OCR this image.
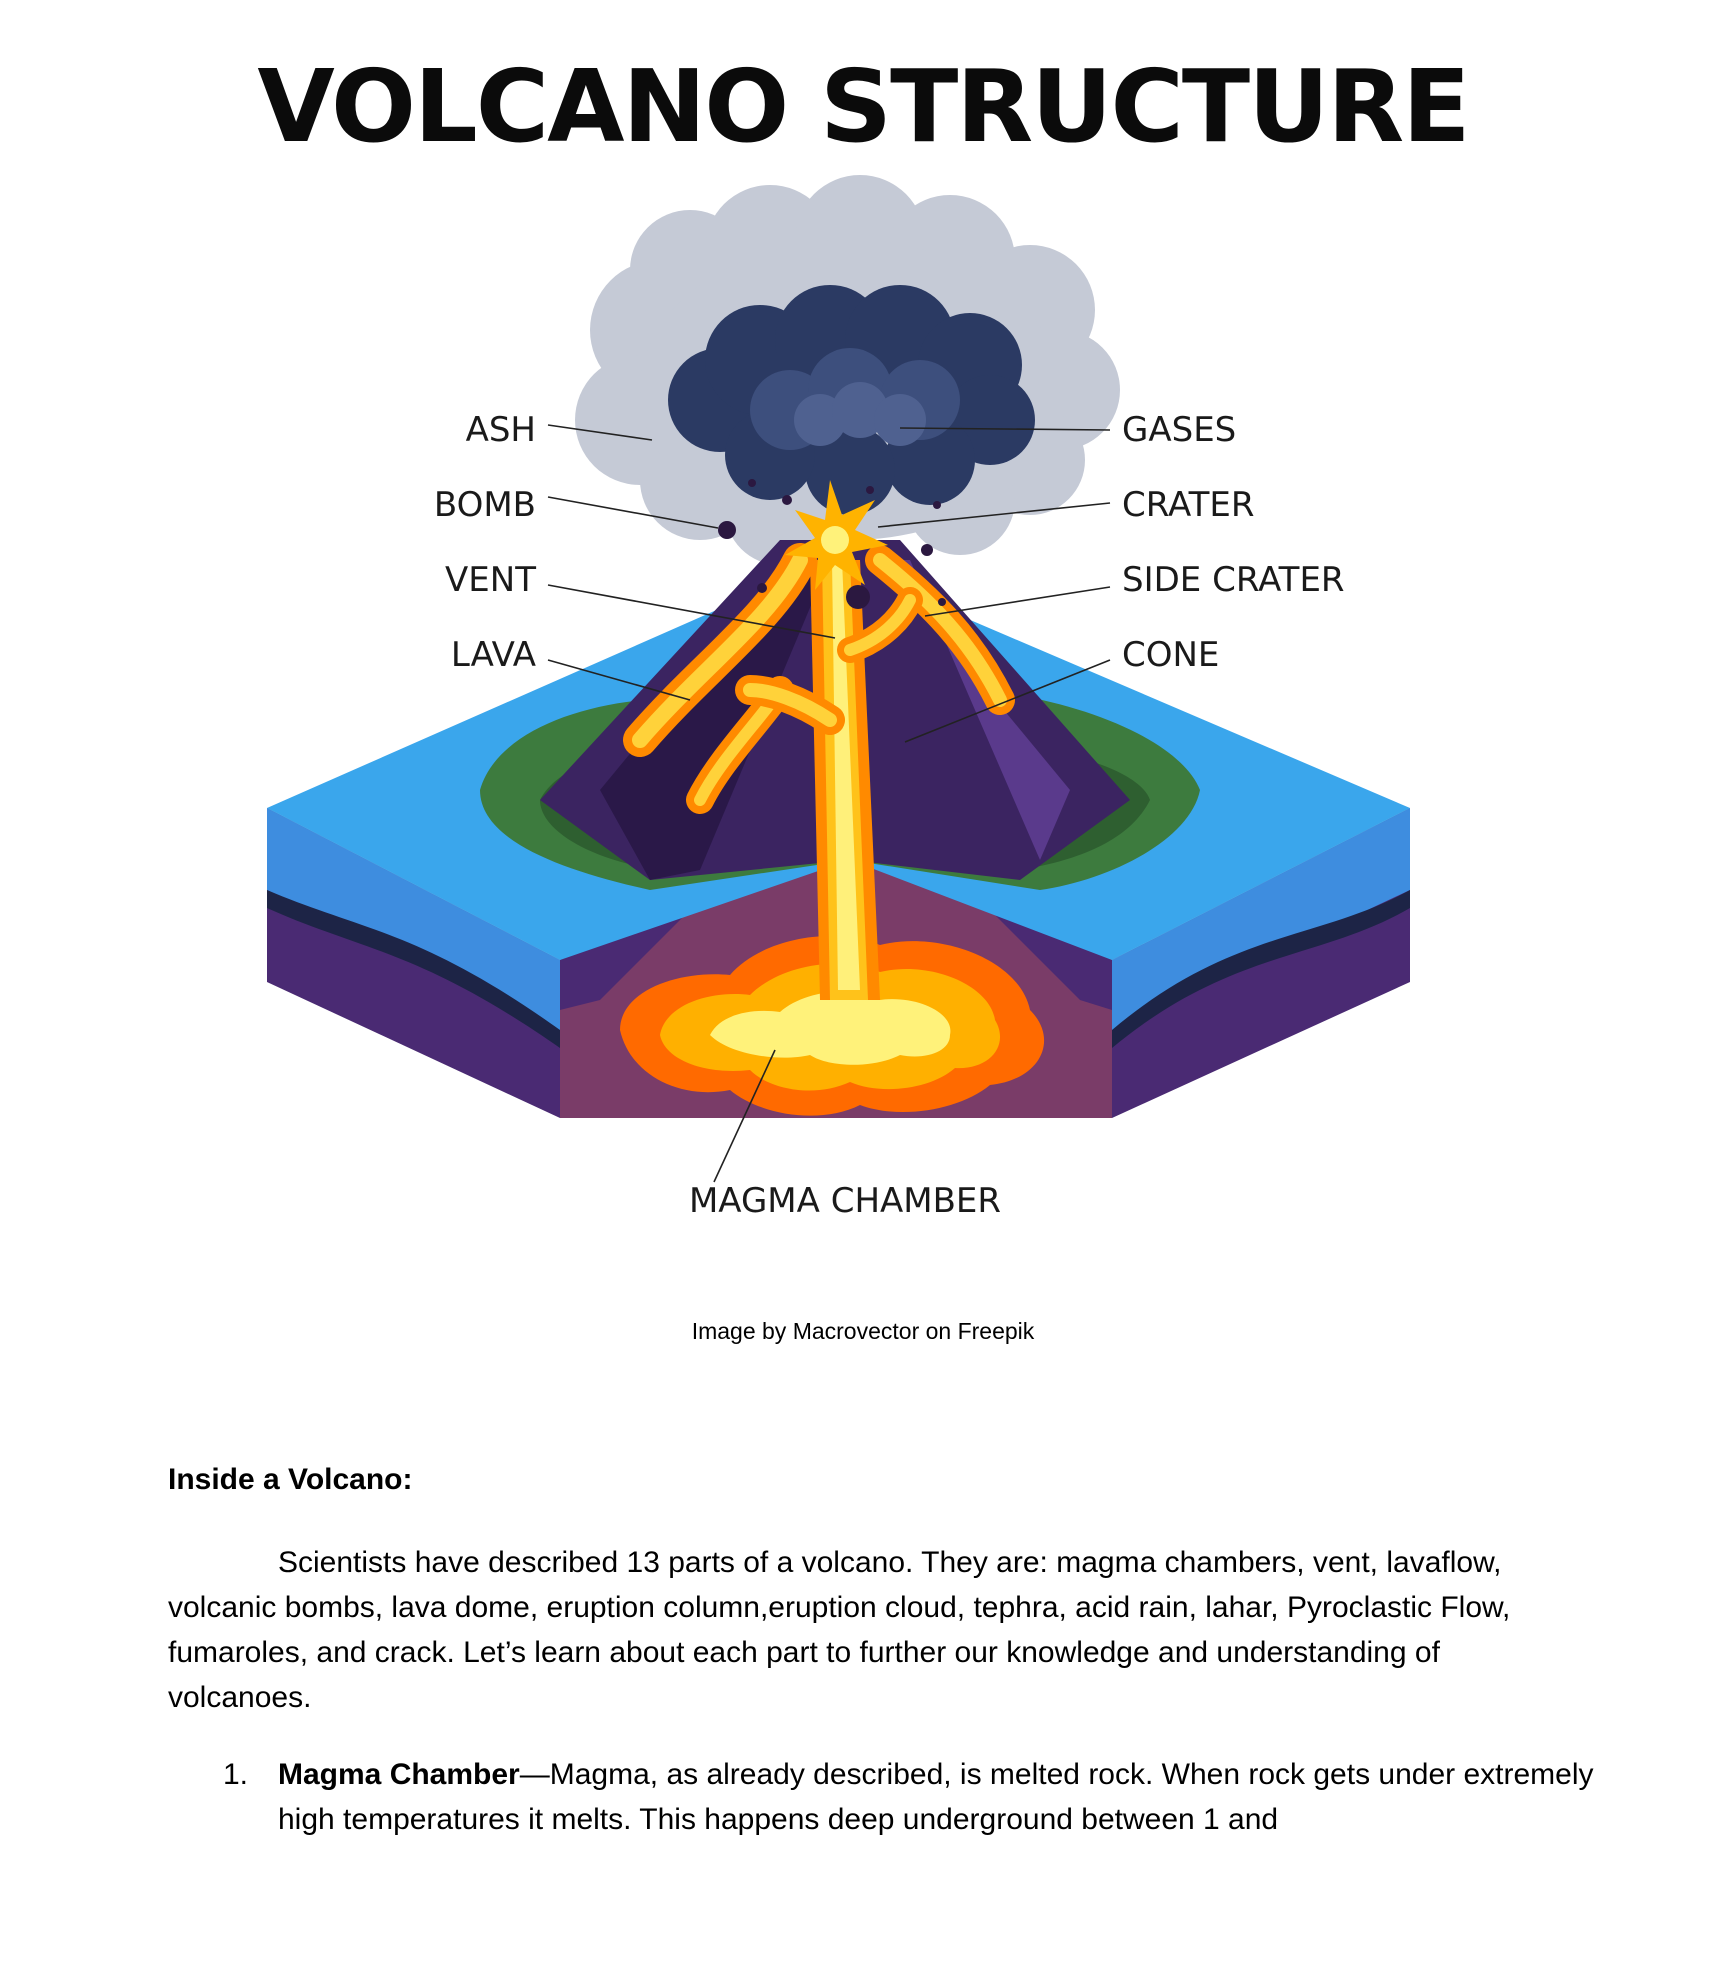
VOLCANO STRUCTURE
ASH
BOMB
VENT
LAVA
GASES
CRATER
SIDE CRATER
CONE
MAGMA CHAMBER
Image by Macrovector on Freepik
Inside a Volcano:

Scientists have described 13 parts of a volcano. They are: magma chambers, vent, lavaflow, volcanic bombs, lava dome, eruption column,eruption cloud, tephra, acid rain, lahar, Pyroclastic Flow, fumaroles, and crack. Let’s learn about each part to further our knowledge and understanding of volcanoes.

1. Magma Chamber—Magma, as already described, is melted rock. When rock gets under extremely high temperatures it melts. This happens deep underground between 1 and
